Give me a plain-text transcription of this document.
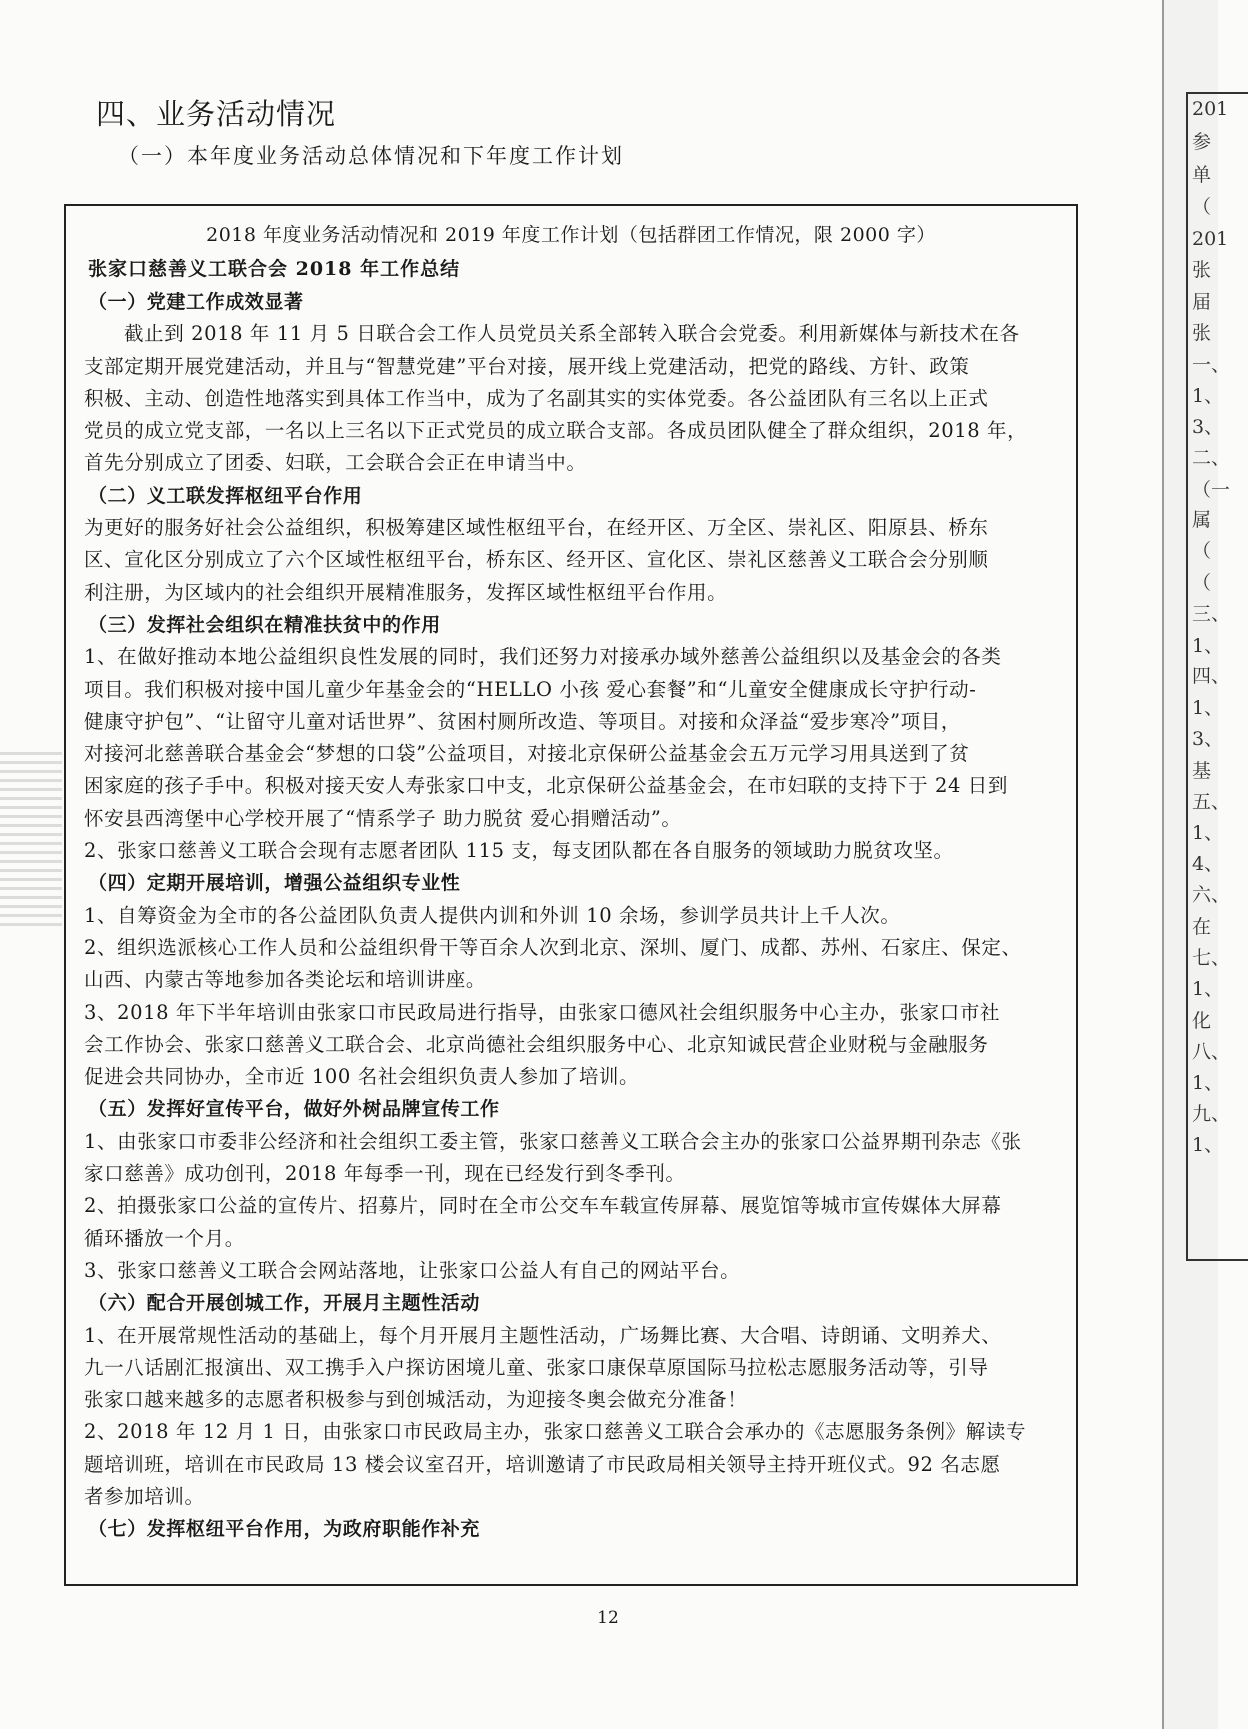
四、业务活动情况
（一）本年度业务活动总体情况和下年度工作计划
2018 年度业务活动情况和 2019 年度工作计划（包括群团工作情况，限 2000 字）
张家口慈善义工联合会 2018 年工作总结
（一）党建工作成效显著
截止到 2018 年 11 月 5 日联合会工作人员党员关系全部转入联合会党委。利用新媒体与新技术在各
支部定期开展党建活动，并且与“智慧党建”平台对接，展开线上党建活动，把党的路线、方针、政策
积极、主动、创造性地落实到具体工作当中，成为了名副其实的实体党委。各公益团队有三名以上正式
党员的成立党支部，一名以上三名以下正式党员的成立联合支部。各成员团队健全了群众组织，2018 年，
首先分别成立了团委、妇联，工会联合会正在申请当中。
（二）义工联发挥枢纽平台作用
为更好的服务好社会公益组织，积极筹建区域性枢纽平台，在经开区、万全区、崇礼区、阳原县、桥东
区、宣化区分别成立了六个区域性枢纽平台，桥东区、经开区、宣化区、崇礼区慈善义工联合会分别顺
利注册，为区域内的社会组织开展精准服务，发挥区域性枢纽平台作用。
（三）发挥社会组织在精准扶贫中的作用
1、在做好推动本地公益组织良性发展的同时，我们还努力对接承办域外慈善公益组织以及基金会的各类
项目。我们积极对接中国儿童少年基金会的“HELLO 小孩 爱心套餐”和“儿童安全健康成长守护行动-
健康守护包”、“让留守儿童对话世界”、贫困村厕所改造、等项目。对接和众泽益“爱步寒冷”项目，
对接河北慈善联合基金会“梦想的口袋”公益项目，对接北京保研公益基金会五万元学习用具送到了贫
困家庭的孩子手中。积极对接天安人寿张家口中支，北京保研公益基金会，在市妇联的支持下于 24 日到
怀安县西湾堡中心学校开展了“情系学子 助力脱贫 爱心捐赠活动”。
2、张家口慈善义工联合会现有志愿者团队 115 支，每支团队都在各自服务的领域助力脱贫攻坚。
（四）定期开展培训，增强公益组织专业性
1、自筹资金为全市的各公益团队负责人提供内训和外训 10 余场，参训学员共计上千人次。
2、组织选派核心工作人员和公益组织骨干等百余人次到北京、深圳、厦门、成都、苏州、石家庄、保定、
山西、内蒙古等地参加各类论坛和培训讲座。
3、2018 年下半年培训由张家口市民政局进行指导，由张家口德风社会组织服务中心主办，张家口市社
会工作协会、张家口慈善义工联合会、北京尚德社会组织服务中心、北京知诚民营企业财税与金融服务
促进会共同协办，全市近 100 名社会组织负责人参加了培训。
（五）发挥好宣传平台，做好外树品牌宣传工作
1、由张家口市委非公经济和社会组织工委主管，张家口慈善义工联合会主办的张家口公益界期刊杂志《张
家口慈善》成功创刊，2018 年每季一刊，现在已经发行到冬季刊。
2、拍摄张家口公益的宣传片、招募片，同时在全市公交车车载宣传屏幕、展览馆等城市宣传媒体大屏幕
循环播放一个月。
3、张家口慈善义工联合会网站落地，让张家口公益人有自己的网站平台。
（六）配合开展创城工作，开展月主题性活动
1、在开展常规性活动的基础上，每个月开展月主题性活动，广场舞比赛、大合唱、诗朗诵、文明养犬、
九一八话剧汇报演出、双工携手入户探访困境儿童、张家口康保草原国际马拉松志愿服务活动等，引导
张家口越来越多的志愿者积极参与到创城活动，为迎接冬奥会做充分准备！
2、2018 年 12 月 1 日，由张家口市民政局主办，张家口慈善义工联合会承办的《志愿服务条例》解读专
题培训班，培训在市民政局 13 楼会议室召开，培训邀请了市民政局相关领导主持开班仪式。92 名志愿
者参加培训。
（七）发挥枢纽平台作用，为政府职能作补充
12
201
参
单
（
201
张
届
张
一、
1、
3、
二、
（一
属
（
（
三、
1、
四、
1、
3、
基
五、
1、
4、
六、
在
七、
1、
化
八、
1、
九、
1、
